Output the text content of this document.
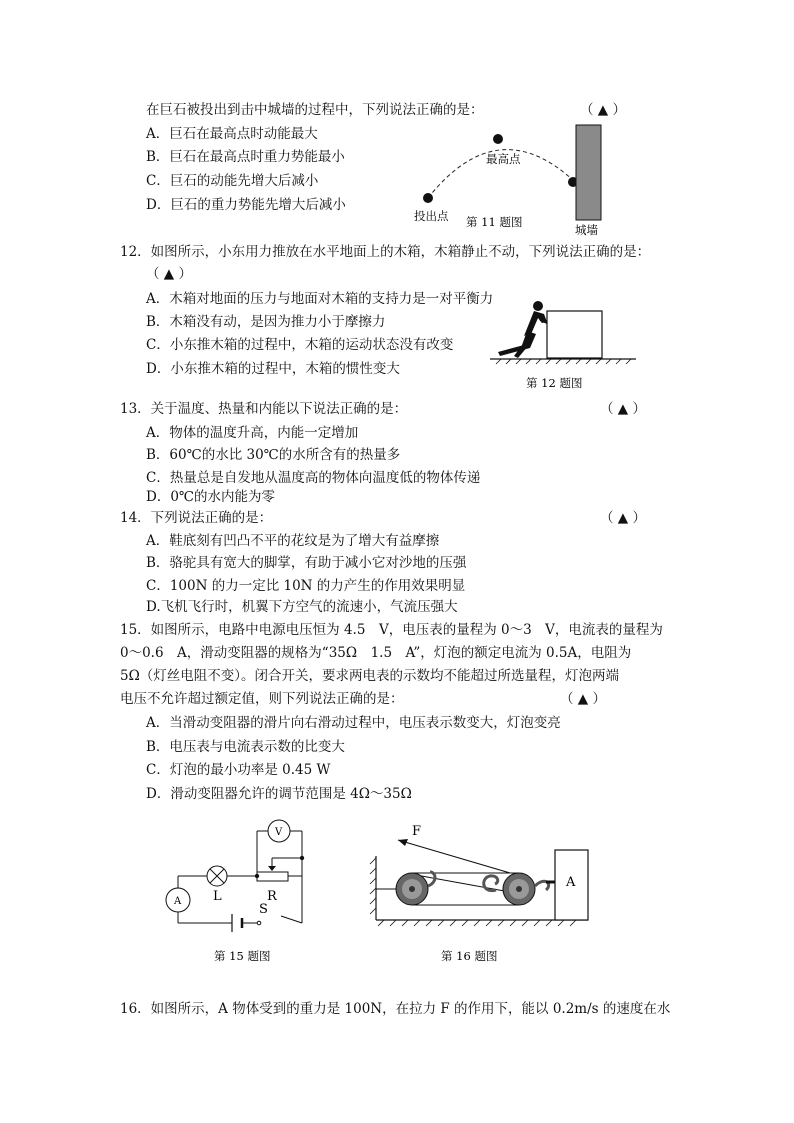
在巨石被投出到击中城墙的过程中，下列说法正确的是：	（ ▲ ）
A．巨石在最高点时动能最大
B．巨石在最高点时重力势能最小
C．巨石的动能先增大后减小
D．巨石的重力势能先增大后减小
最高点
投出点
城墙
第 11 题图
12．如图所示，小东用力推放在水平地面上的木箱，木箱静止不动，下列说法正确的是：
（ ▲ ）
A．木箱对地面的压力与地面对木箱的支持力是一对平衡力
B．木箱没有动，是因为推力小于摩擦力
C．小东推木箱的过程中，木箱的运动状态没有改变
D．小东推木箱的过程中，木箱的惯性变大
第 12 题图
13．关于温度、热量和内能以下说法正确的是：	（ ▲ ）
A．物体的温度升高，内能一定增加
B．60℃的水比 30℃的水所含有的热量多
C．热量总是自发地从温度高的物体向温度低的物体传递
D．0℃的水内能为零
14．下列说法正确的是：	（ ▲ ）
A．鞋底刻有凹凸不平的花纹是为了增大有益摩擦
B．骆驼具有宽大的脚掌，有助于减小它对沙地的压强
C．100N 的力一定比 10N 的力产生的作用效果明显
D.飞机飞行时，机翼下方空气的流速小，气流压强大
15．如图所示，电路中电源电压恒为 4.5　V，电压表的量程为 0～3　V，电流表的量程为
0～0.6　A，滑动变阻器的规格为“35Ω　1.5　A”，灯泡的额定电流为 0.5A，电阻为
5Ω（灯丝电阻不变）。闭合开关，要求两电表的示数均不能超过所选量程，灯泡两端
电压不允许超过额定值，则下列说法正确的是：	（ ▲ ）
A．当滑动变阻器的滑片向右滑动过程中，电压表示数变大，灯泡变亮
B．电压表与电流表示数的比变大
C．灯泡的最小功率是 0.45 W
D．滑动变阻器允许的调节范围是 4Ω～35Ω
A
V
L	R
S
第 15 题图
F
A
第 16 题图
16．如图所示，A 物体受到的重力是 100N，在拉力 F 的作用下，能以 0.2m/s 的速度在水
